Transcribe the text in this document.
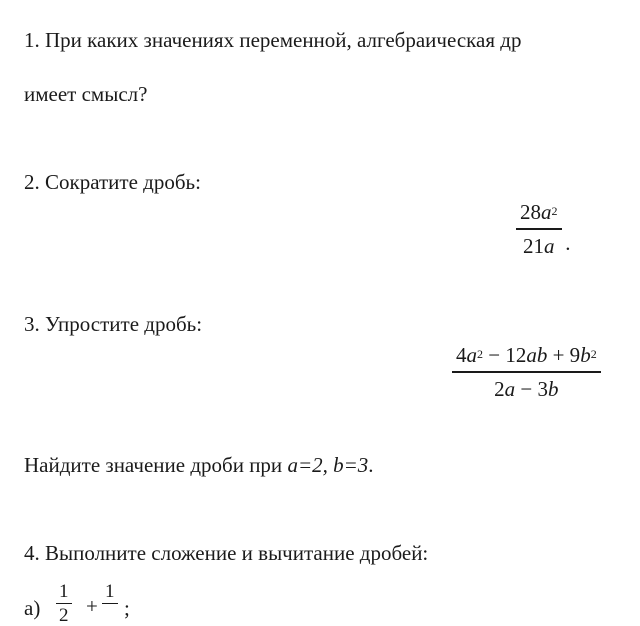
1. При каких значениях переменной, алгебраическая др
имеет смысл?
2. Сократите дробь:
$28a^2$
21a .
3. Упростите дробь:
$4a^2 - 12ab + 9b^2$
2a − 3b
Найдите значение дроби при a=2, b=3.
4. Выполните сложение и вычитание дробей:
а)
1
2 +
1
;
